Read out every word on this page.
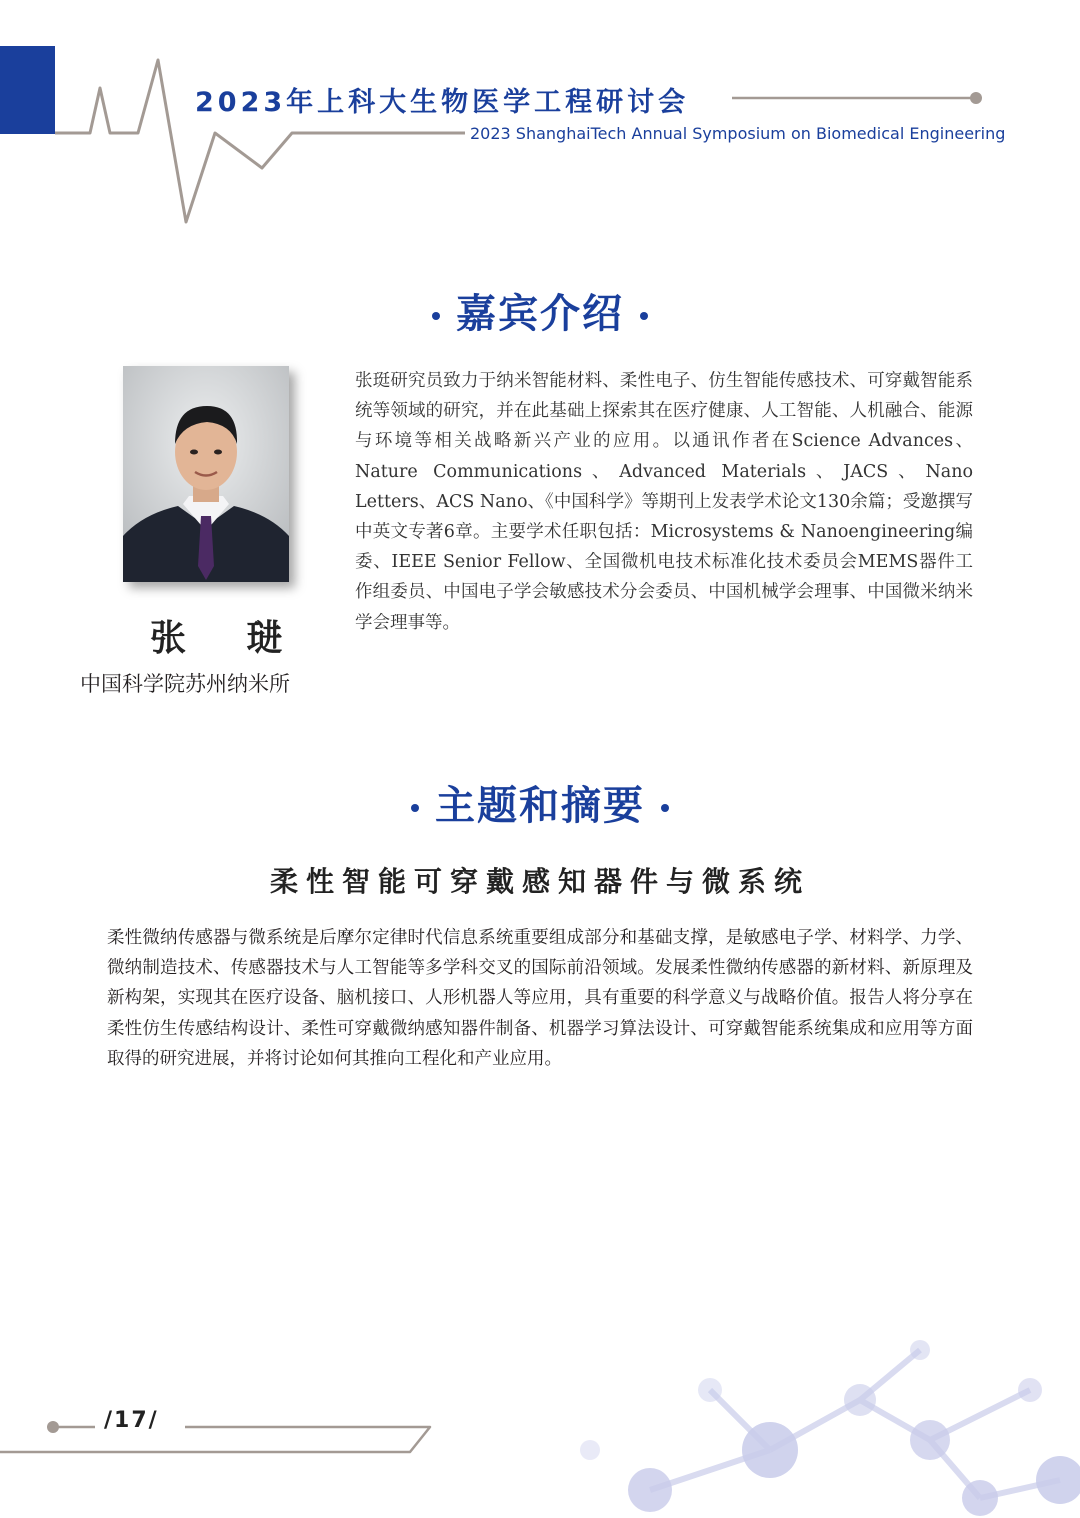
2023年上科大生物医学工程研讨会
2023 ShanghaiTech Annual Symposium on Biomedical Engineering
嘉宾介绍
张 琎
中国科学院苏州纳米所

张珽研究员致力于纳米智能材料、柔性电子、仿生智能传感技术、可穿戴智能系统等领域的研究，并在此基础上探索其在医疗健康、人工智能、人机融合、能源与环境等相关战略新兴产业的应用。以通讯作者在Science Advances、Nature Communications、Advanced Materials、JACS、Nano Letters、ACS Nano、《中国科学》等期刊上发表学术论文130余篇；受邀撰写中英文专著6章。主要学术任职包括：Microsystems & Nanoengineering编委、IEEE Senior Fellow、全国微机电技术标准化技术委员会MEMS器件工作组委员、中国电子学会敏感技术分会委员、中国机械学会理事、中国微米纳米学会理事等。

主题和摘要
柔性智能可穿戴感知器件与微系统

柔性微纳传感器与微系统是后摩尔定律时代信息系统重要组成部分和基础支撑，是敏感电子学、材料学、力学、微纳制造技术、传感器技术与人工智能等多学科交叉的国际前沿领域。发展柔性微纳传感器的新材料、新原理及新构架，实现其在医疗设备、脑机接口、人形机器人等应用，具有重要的科学意义与战略价值。报告人将分享在柔性仿生传感结构设计、柔性可穿戴微纳感知器件制备、机器学习算法设计、可穿戴智能系统集成和应用等方面取得的研究进展，并将讨论如何其推向工程化和产业应用。

/17/
